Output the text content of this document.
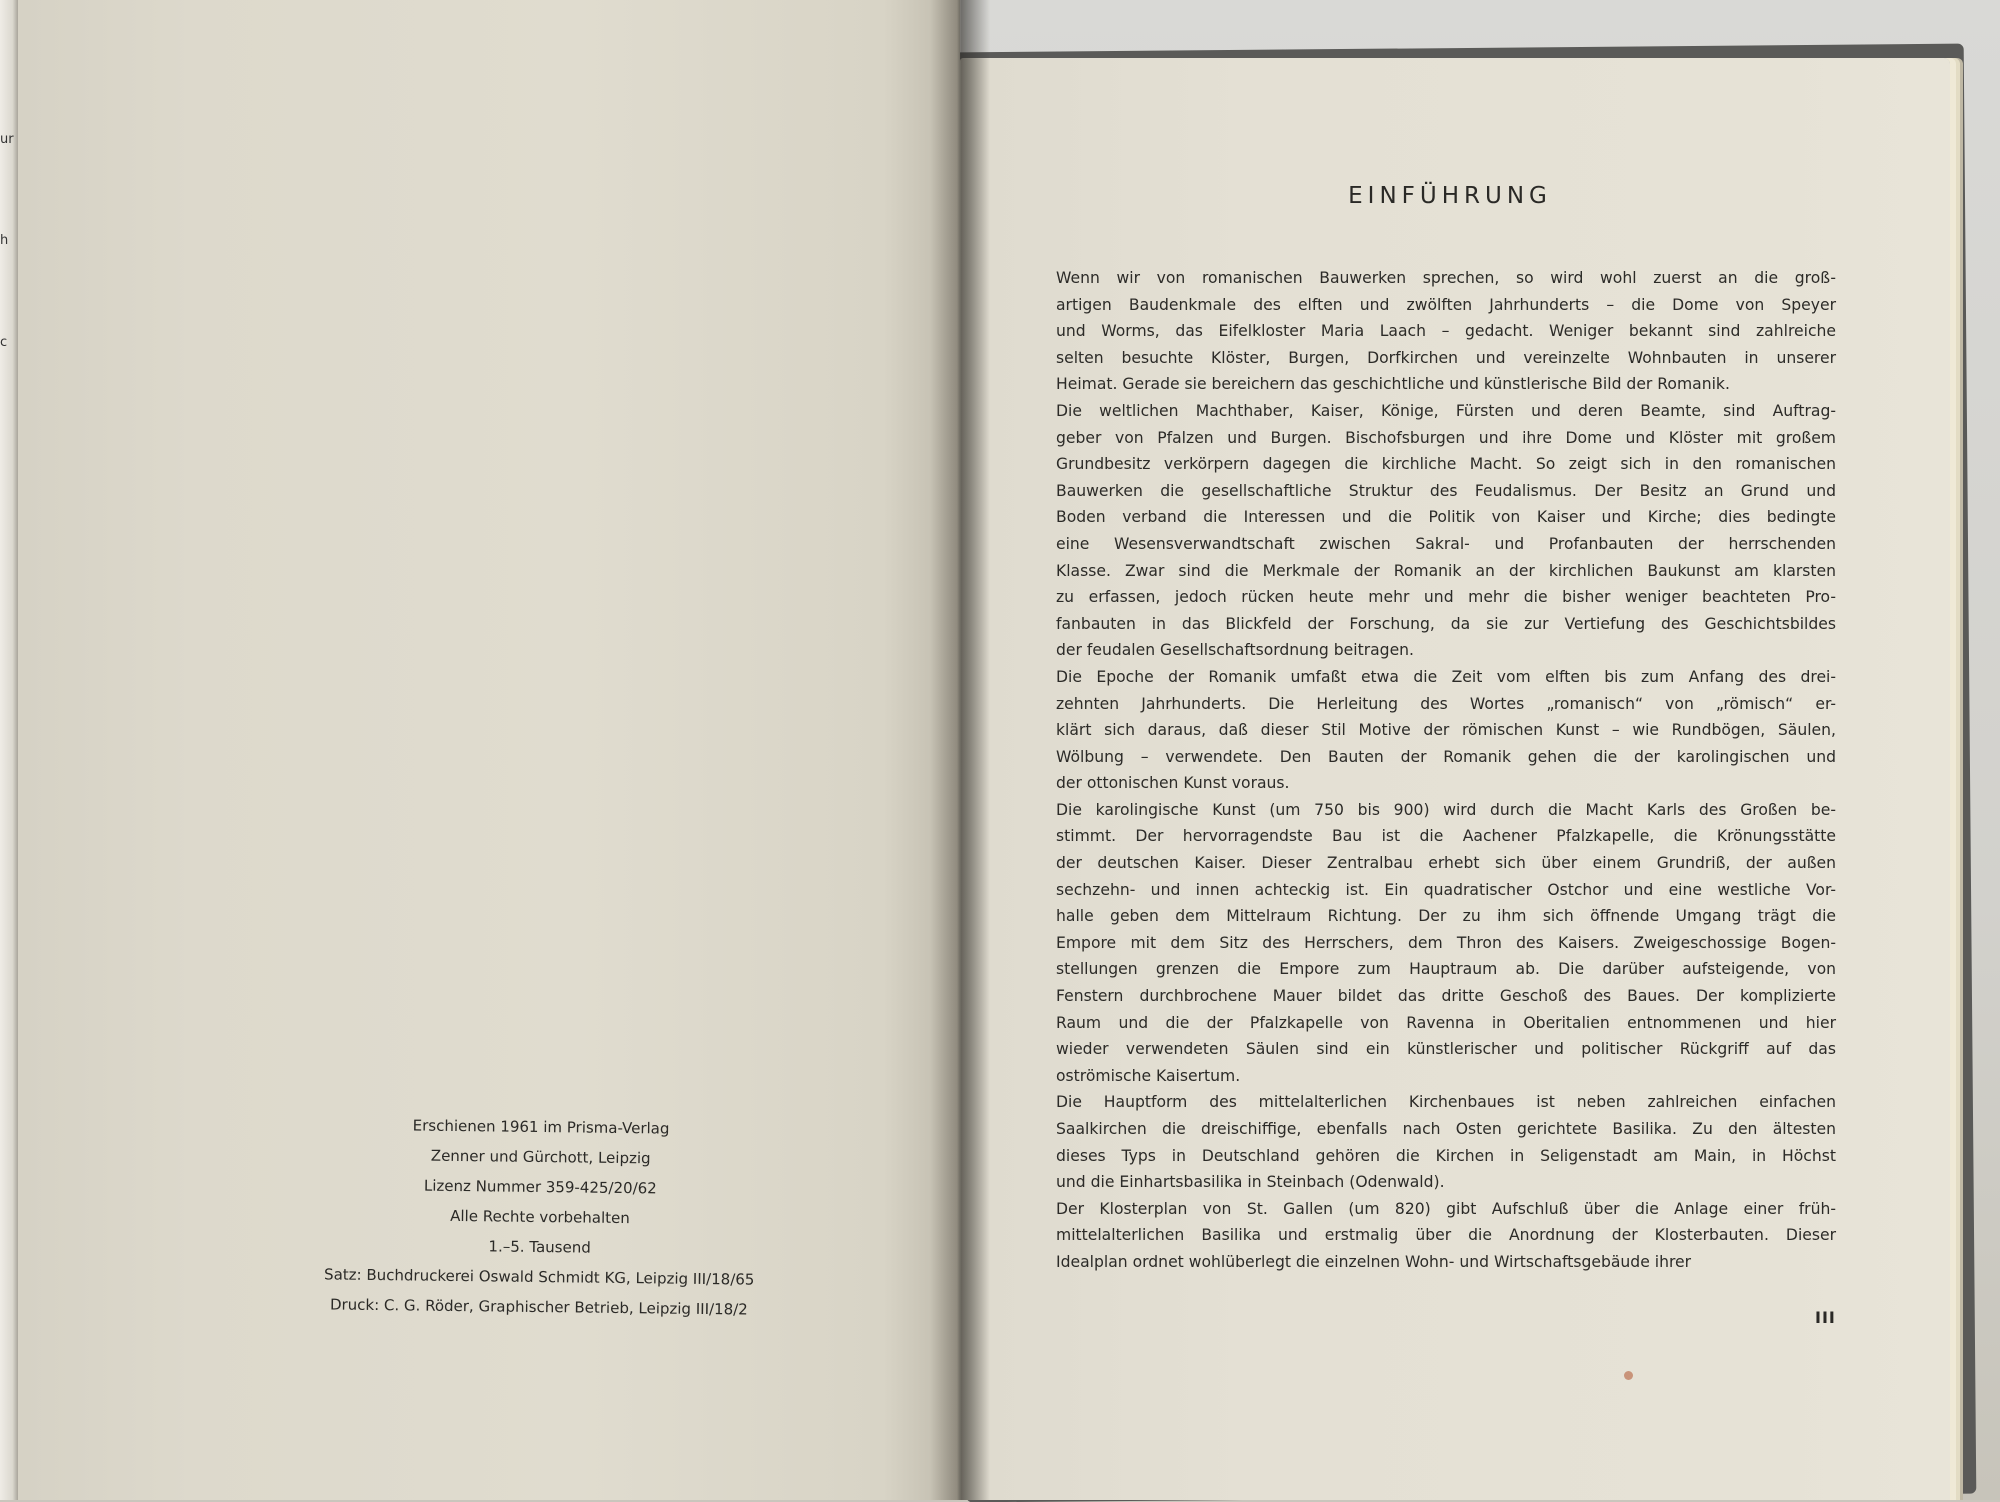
ur
h
c
Erschienen 1961 im Prisma-Verlag
Zenner und Gürchott, Leipzig
Lizenz Nummer 359-425/20/62
Alle Rechte vorbehalten
1.–5. Tausend
Satz: Buchdruckerei Oswald Schmidt KG, Leipzig III/18/65
Druck: C. G. Röder, Graphischer Betrieb, Leipzig III/18/2
EINFÜHRUNG
Wenn wir von romanischen Bauwerken sprechen, so wird wohl zuerst an die groß-
artigen Baudenkmale des elften und zwölften Jahrhunderts – die Dome von Speyer
und Worms, das Eifelkloster Maria Laach – gedacht. Weniger bekannt sind zahlreiche
selten besuchte Klöster, Burgen, Dorfkirchen und vereinzelte Wohnbauten in unserer
Heimat. Gerade sie bereichern das geschichtliche und künstlerische Bild der Romanik.
Die weltlichen Machthaber, Kaiser, Könige, Fürsten und deren Beamte, sind Auftrag-
geber von Pfalzen und Burgen. Bischofsburgen und ihre Dome und Klöster mit großem
Grundbesitz verkörpern dagegen die kirchliche Macht. So zeigt sich in den romanischen
Bauwerken die gesellschaftliche Struktur des Feudalismus. Der Besitz an Grund und
Boden verband die Interessen und die Politik von Kaiser und Kirche; dies bedingte
eine Wesensverwandtschaft zwischen Sakral- und Profanbauten der herrschenden
Klasse. Zwar sind die Merkmale der Romanik an der kirchlichen Baukunst am klarsten
zu erfassen, jedoch rücken heute mehr und mehr die bisher weniger beachteten Pro-
fanbauten in das Blickfeld der Forschung, da sie zur Vertiefung des Geschichtsbildes
der feudalen Gesellschaftsordnung beitragen.
Die Epoche der Romanik umfaßt etwa die Zeit vom elften bis zum Anfang des drei-
zehnten Jahrhunderts. Die Herleitung des Wortes „romanisch“ von „römisch“ er-
klärt sich daraus, daß dieser Stil Motive der römischen Kunst – wie Rundbögen, Säulen,
Wölbung – verwendete. Den Bauten der Romanik gehen die der karolingischen und
der ottonischen Kunst voraus.
Die karolingische Kunst (um 750 bis 900) wird durch die Macht Karls des Großen be-
stimmt. Der hervorragendste Bau ist die Aachener Pfalzkapelle, die Krönungsstätte
der deutschen Kaiser. Dieser Zentralbau erhebt sich über einem Grundriß, der außen
sechzehn- und innen achteckig ist. Ein quadratischer Ostchor und eine westliche Vor-
halle geben dem Mittelraum Richtung. Der zu ihm sich öffnende Umgang trägt die
Empore mit dem Sitz des Herrschers, dem Thron des Kaisers. Zweigeschossige Bogen-
stellungen grenzen die Empore zum Hauptraum ab. Die darüber aufsteigende, von
Fenstern durchbrochene Mauer bildet das dritte Geschoß des Baues. Der komplizierte
Raum und die der Pfalzkapelle von Ravenna in Oberitalien entnommenen und hier
wieder verwendeten Säulen sind ein künstlerischer und politischer Rückgriff auf das
oströmische Kaisertum.
Die Hauptform des mittelalterlichen Kirchenbaues ist neben zahlreichen einfachen
Saalkirchen die dreischiffige, ebenfalls nach Osten gerichtete Basilika. Zu den ältesten
dieses Typs in Deutschland gehören die Kirchen in Seligenstadt am Main, in Höchst
und die Einhartsbasilika in Steinbach (Odenwald).
Der Klosterplan von St. Gallen (um 820) gibt Aufschluß über die Anlage einer früh-
mittelalterlichen Basilika und erstmalig über die Anordnung der Klosterbauten. Dieser
Idealplan ordnet wohlüberlegt die einzelnen Wohn- und Wirtschaftsgebäude ihrer
III
